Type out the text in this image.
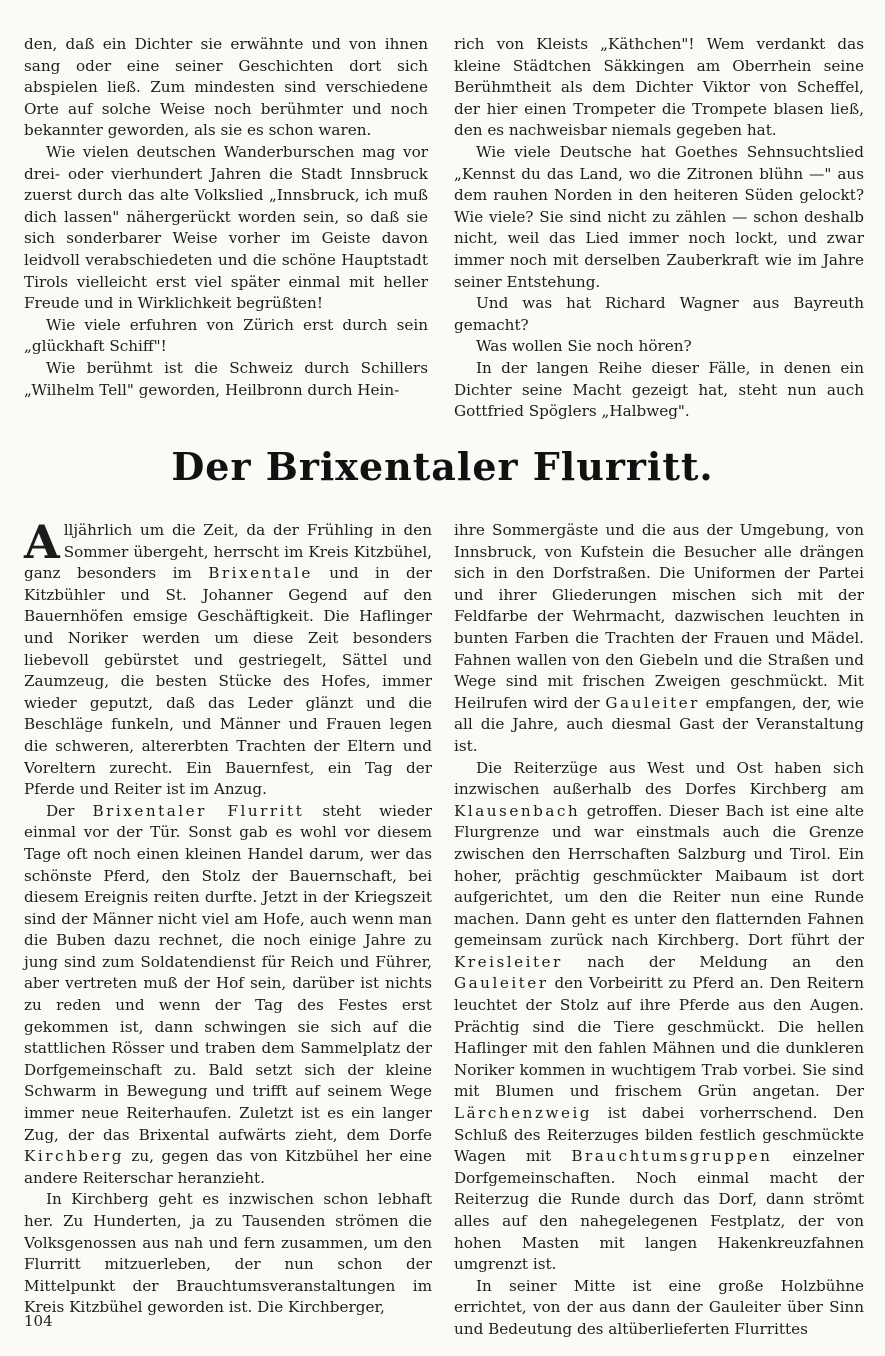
den, daß ein Dichter sie erwähnte und von ihnen sang oder eine seiner Geschichten dort sich abspielen ließ. Zum mindesten sind verschiedene Orte auf solche Weise noch berühmter und noch bekannter geworden, als sie es schon waren.

Wie vielen deutschen Wanderburschen mag vor drei- oder vierhundert Jahren die Stadt Innsbruck zuerst durch das alte Volkslied „Innsbruck, ich muß dich lassen" nähergerückt worden sein, so daß sie sich sonderbarer Weise vorher im Geiste davon leidvoll verabschiedeten und die schöne Hauptstadt Tirols vielleicht erst viel später einmal mit heller Freude und in Wirklichkeit begrüßten!

Wie viele erfuhren von Zürich erst durch sein „glückhaft Schiff"!

Wie berühmt ist die Schweiz durch Schillers „Wilhelm Tell" geworden, Heilbronn durch Hein-

rich von Kleists „Käthchen"! Wem verdankt das kleine Städtchen Säkkingen am Oberrhein seine Berühmtheit als dem Dichter Viktor von Scheffel, der hier einen Trompeter die Trompete blasen ließ, den es nachweisbar niemals gegeben hat.

Wie viele Deutsche hat Goethes Sehnsuchtslied „Kennst du das Land, wo die Zitronen blühn —" aus dem rauhen Norden in den heiteren Süden gelockt? Wie viele? Sie sind nicht zu zählen — schon deshalb nicht, weil das Lied immer noch lockt, und zwar immer noch mit derselben Zauberkraft wie im Jahre seiner Entstehung.

Und was hat Richard Wagner aus Bayreuth gemacht?

Was wollen Sie noch hören?

In der langen Reihe dieser Fälle, in denen ein Dichter seine Macht gezeigt hat, steht nun auch Gottfried Spöglers „Halbweg".

Der Brixentaler Flurritt.

Alljährlich um die Zeit, da der Frühling in den Sommer übergeht, herrscht im Kreis Kitzbühel, ganz besonders im Brixentale und in der Kitzbühler und St. Johanner Gegend auf den Bauernhöfen emsige Geschäftigkeit. Die Haflinger und Noriker werden um diese Zeit besonders liebevoll gebürstet und gestriegelt, Sättel und Zaumzeug, die besten Stücke des Hofes, immer wieder geputzt, daß das Leder glänzt und die Beschläge funkeln, und Männer und Frauen legen die schweren, altererbten Trachten der Eltern und Voreltern zurecht. Ein Bauernfest, ein Tag der Pferde und Reiter ist im Anzug.

Der Brixentaler Flurritt steht wieder einmal vor der Tür. Sonst gab es wohl vor diesem Tage oft noch einen kleinen Handel darum, wer das schönste Pferd, den Stolz der Bauernschaft, bei diesem Ereignis reiten durfte. Jetzt in der Kriegszeit sind der Männer nicht viel am Hofe, auch wenn man die Buben dazu rechnet, die noch einige Jahre zu jung sind zum Soldatendienst für Reich und Führer, aber vertreten muß der Hof sein, darüber ist nichts zu reden und wenn der Tag des Festes erst gekommen ist, dann schwingen sie sich auf die stattlichen Rösser und traben dem Sammelplatz der Dorfgemeinschaft zu. Bald setzt sich der kleine Schwarm in Bewegung und trifft auf seinem Wege immer neue Reiterhaufen. Zuletzt ist es ein langer Zug, der das Brixental aufwärts zieht, dem Dorfe Kirchberg zu, gegen das von Kitzbühel her eine andere Reiterschar heranzieht.

In Kirchberg geht es inzwischen schon lebhaft her. Zu Hunderten, ja zu Tausenden strömen die Volksgenossen aus nah und fern zusammen, um den Flurritt mitzuerleben, der nun schon der Mittelpunkt der Brauchtumsveranstaltungen im Kreis Kitzbühel geworden ist. Die Kirchberger,

ihre Sommergäste und die aus der Umgebung, von Innsbruck, von Kufstein die Besucher alle drängen sich in den Dorfstraßen. Die Uniformen der Partei und ihrer Gliederungen mischen sich mit der Feldfarbe der Wehrmacht, dazwischen leuchten in bunten Farben die Trachten der Frauen und Mädel. Fahnen wallen von den Giebeln und die Straßen und Wege sind mit frischen Zweigen geschmückt. Mit Heilrufen wird der Gauleiter empfangen, der, wie all die Jahre, auch diesmal Gast der Veranstaltung ist.

Die Reiterzüge aus West und Ost haben sich inzwischen außerhalb des Dorfes Kirchberg am Klausenbach getroffen. Dieser Bach ist eine alte Flurgrenze und war einstmals auch die Grenze zwischen den Herrschaften Salzburg und Tirol. Ein hoher, prächtig geschmückter Maibaum ist dort aufgerichtet, um den die Reiter nun eine Runde machen. Dann geht es unter den flatternden Fahnen gemeinsam zurück nach Kirchberg. Dort führt der Kreisleiter nach der Meldung an den Gauleiter den Vorbeiritt zu Pferd an. Den Reitern leuchtet der Stolz auf ihre Pferde aus den Augen. Prächtig sind die Tiere geschmückt. Die hellen Haflinger mit den fahlen Mähnen und die dunkleren Noriker kommen in wuchtigem Trab vorbei. Sie sind mit Blumen und frischem Grün angetan. Der Lärchenzweig ist dabei vorherrschend. Den Schluß des Reiterzuges bilden festlich geschmückte Wagen mit Brauchtumsgruppen einzelner Dorfgemeinschaften. Noch einmal macht der Reiterzug die Runde durch das Dorf, dann strömt alles auf den nahegelegenen Festplatz, der von hohen Masten mit langen Hakenkreuzfahnen umgrenzt ist.

In seiner Mitte ist eine große Holzbühne errichtet, von der aus dann der Gauleiter über Sinn und Bedeutung des altüberlieferten Flurrittes

104
